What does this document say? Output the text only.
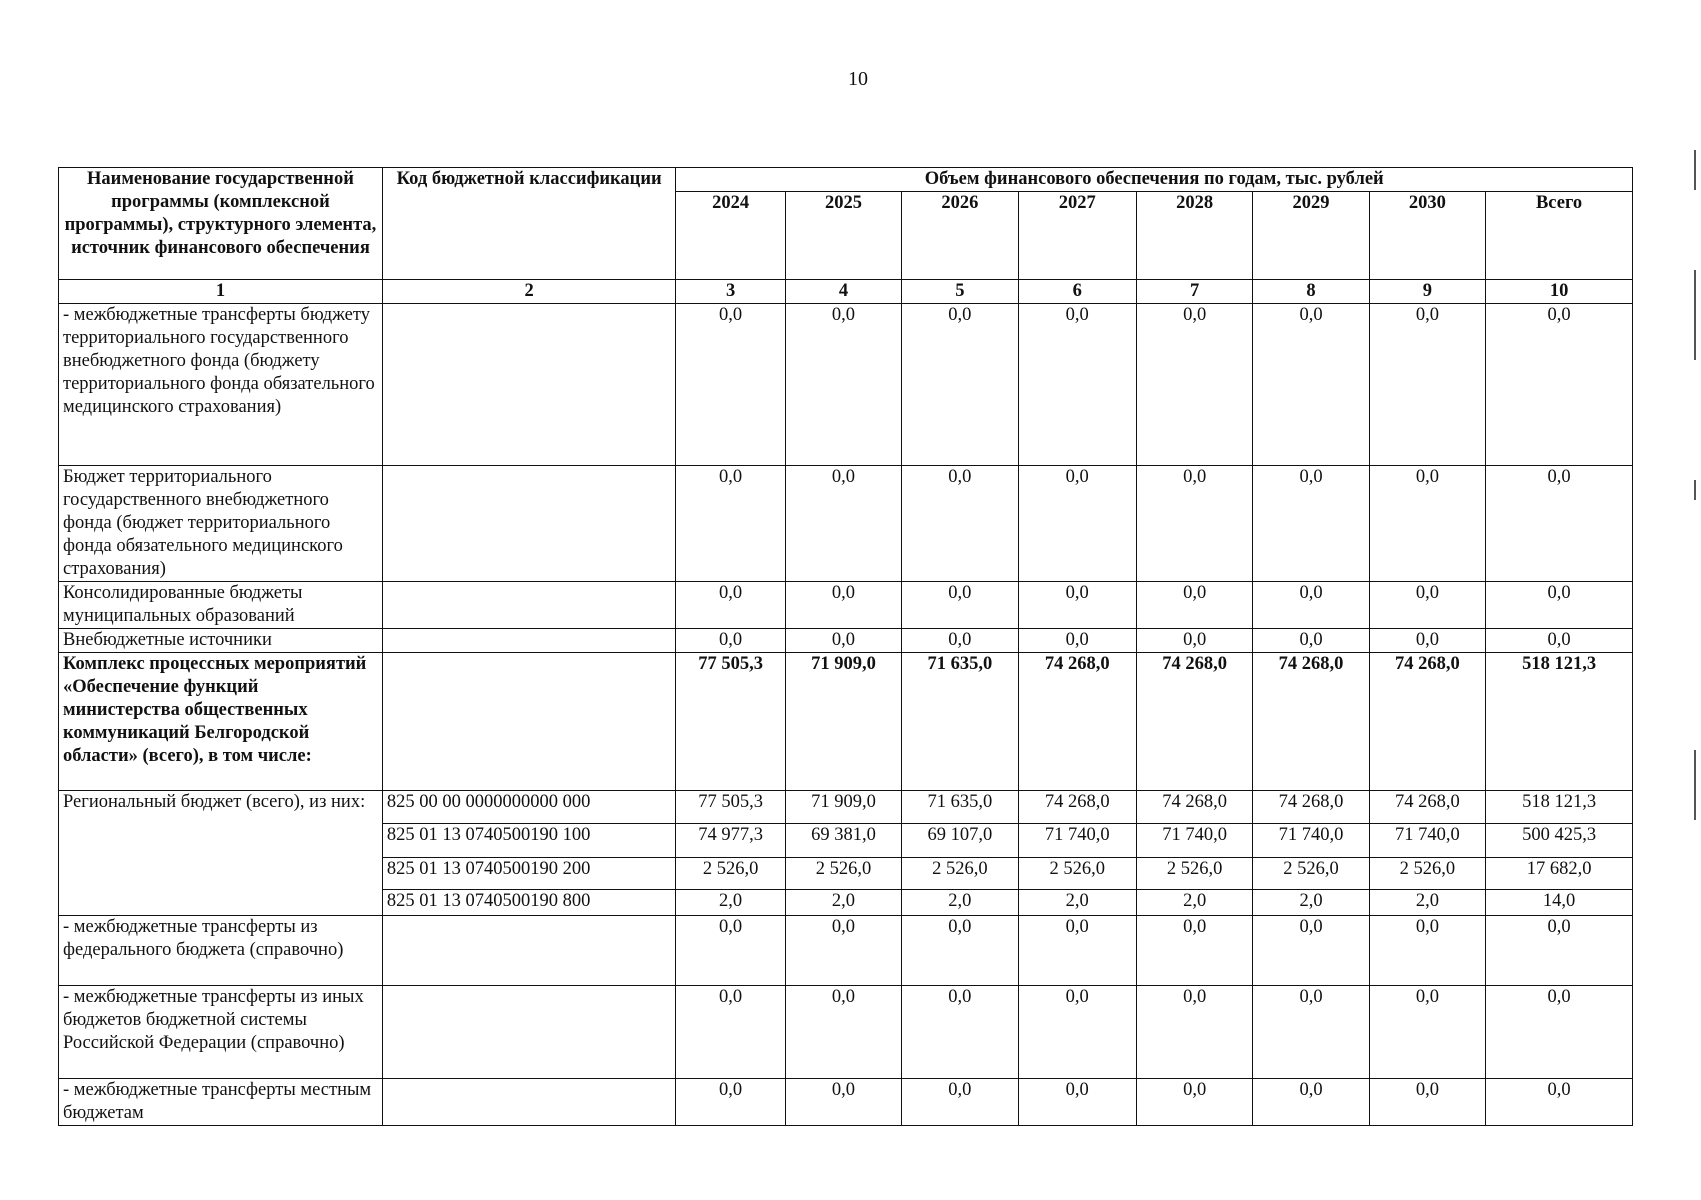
10
Наименование государственной программы (комплексной программы), структурного элемента, источник финансового обеспечения	Код бюджетной классификации	Объем финансового обеспечения по годам, тыс. рублей							
		2024	2025	2026	2027	2028	2029	2030	Всего
1	2	3	4	5	6	7	8	9	10
- межбюджетные трансферты бюджету территориального государственного внебюджетного фонда (бюджету территориального фонда обязательного медицинского страхования)		0,0	0,0	0,0	0,0	0,0	0,0	0,0	0,0
Бюджет территориального государственного внебюджетного фонда (бюджет территориального фонда обязательного медицинского страхования)		0,0	0,0	0,0	0,0	0,0	0,0	0,0	0,0
Консолидированные бюджеты муниципальных образований		0,0	0,0	0,0	0,0	0,0	0,0	0,0	0,0
Внебюджетные источники		0,0	0,0	0,0	0,0	0,0	0,0	0,0	0,0
Комплекс процессных мероприятий «Обеспечение функций министерства общественных коммуникаций Белгородской области» (всего), в том числе:		77 505,3	71 909,0	71 635,0	74 268,0	74 268,0	74 268,0	74 268,0	518 121,3
Региональный бюджет (всего), из них:	825 00 00 0000000000 000	77 505,3	71 909,0	71 635,0	74 268,0	74 268,0	74 268,0	74 268,0	518 121,3
	825 01 13 0740500190 100	74 977,3	69 381,0	69 107,0	71 740,0	71 740,0	71 740,0	71 740,0	500 425,3
	825 01 13 0740500190 200	2 526,0	2 526,0	2 526,0	2 526,0	2 526,0	2 526,0	2 526,0	17 682,0
	825 01 13 0740500190 800	2,0	2,0	2,0	2,0	2,0	2,0	2,0	14,0
- межбюджетные трансферты из федерального бюджета (справочно)		0,0	0,0	0,0	0,0	0,0	0,0	0,0	0,0
- межбюджетные трансферты из иных бюджетов бюджетной системы Российской Федерации (справочно)		0,0	0,0	0,0	0,0	0,0	0,0	0,0	0,0
- межбюджетные трансферты местным бюджетам		0,0	0,0	0,0	0,0	0,0	0,0	0,0	0,0
